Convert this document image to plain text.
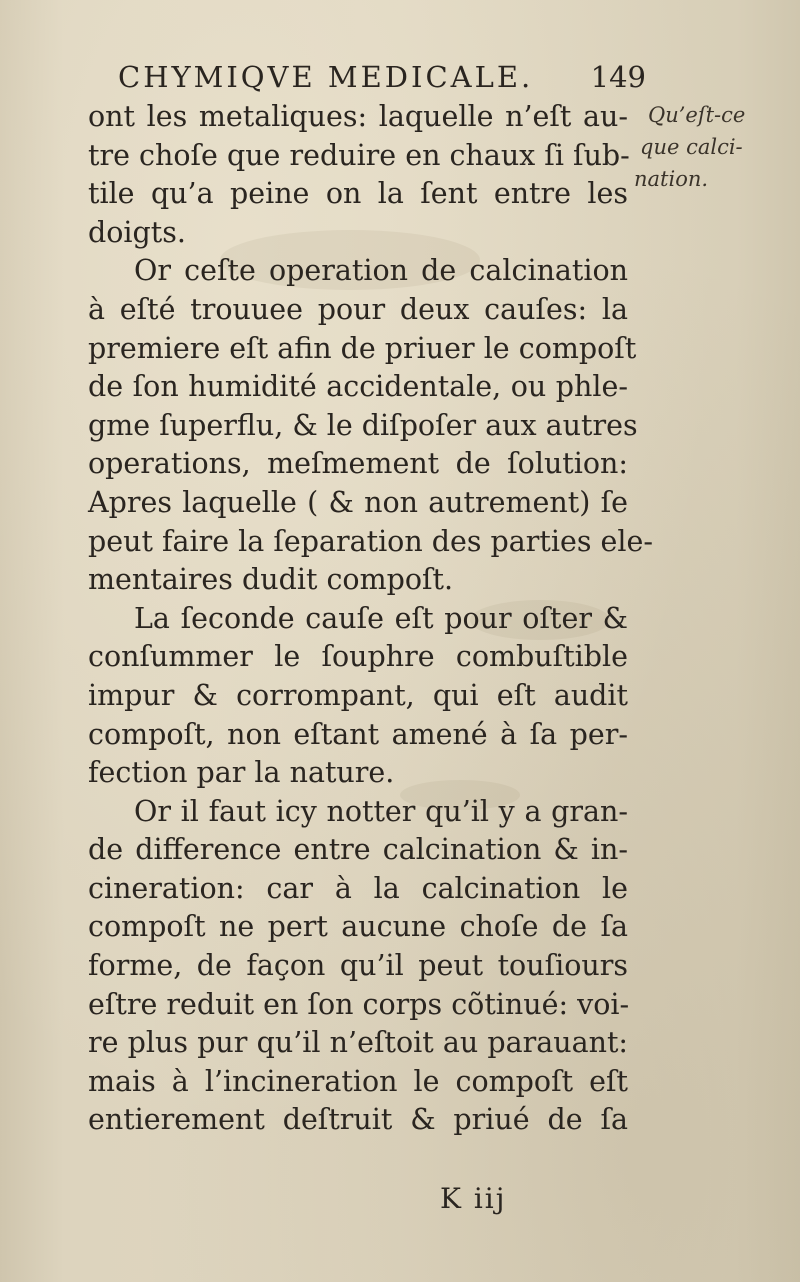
CHYMIQVE MEDICALE. 149
ont les metaliques: laquelle n’eſt au-
tre choſe que reduire en chaux ſi ſub-
tile qu’a peine on la ſent entre les
doigts.
Or ceſte operation de calcination
à eſté trouuee pour deux cauſes: la
premiere eſt afin de priuer le compoſt
de ſon humidité accidentale, ou phle-
gme ſuperflu, & le diſpoſer aux autres
operations, meſmement de ſolution:
Apres laquelle ( & non autrement) ſe
peut faire la ſeparation des parties ele-
mentaires dudit compoſt.
La ſeconde cauſe eſt pour oſter &
conſummer le ſouphre combuſtible
impur & corrompant, qui eſt audit
compoſt, non eſtant amené à ſa per-
fection par la nature.
Or il faut icy notter qu’il y a gran-
de difference entre calcination & in-
cineration: car à la calcination le
compoſt ne pert aucune choſe de ſa
forme, de façon qu’il peut touſiours
eſtre reduit en ſon corps cõtinué: voi-
re plus pur qu’il n’eſtoit au parauant:
mais à l’incineration le compoſt eſt
entierement deſtruit & priué de ſa
Qu’eſt-ce
que calci-
nation.
K iij
